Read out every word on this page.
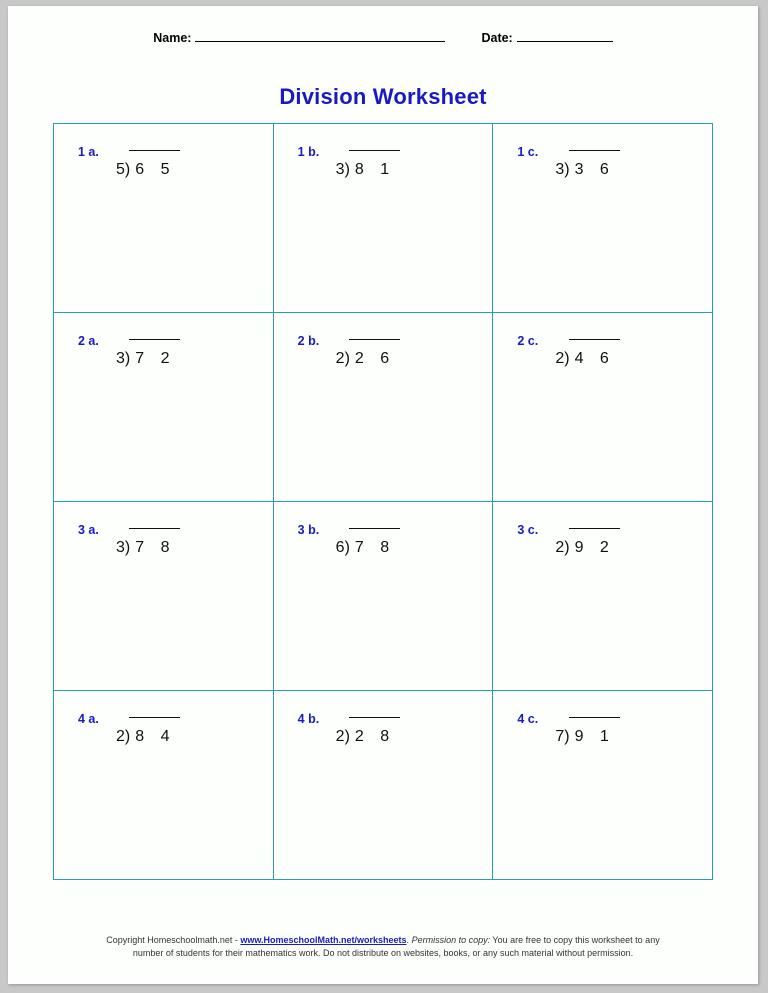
Name:	Date:
Division Worksheet
1 a.
5 ) 6 5
1 b.
3 ) 8 1
1 c.
3 ) 3 6
2 a.
3 ) 7 2
2 b.
2 ) 2 6
2 c.
2 ) 4 6
3 a.
3 ) 7 8
3 b.
6 ) 7 8
3 c.
2 ) 9 2
4 a.
2 ) 8 4
4 b.
2 ) 2 8
4 c.
7 ) 9 1
Copyright Homeschoolmath.net - www.HomeschoolMath.net/worksheets. Permission to copy: You are free to copy this worksheet to any
number of students for their mathematics work. Do not distribute on websites, books, or any such material without permission.
